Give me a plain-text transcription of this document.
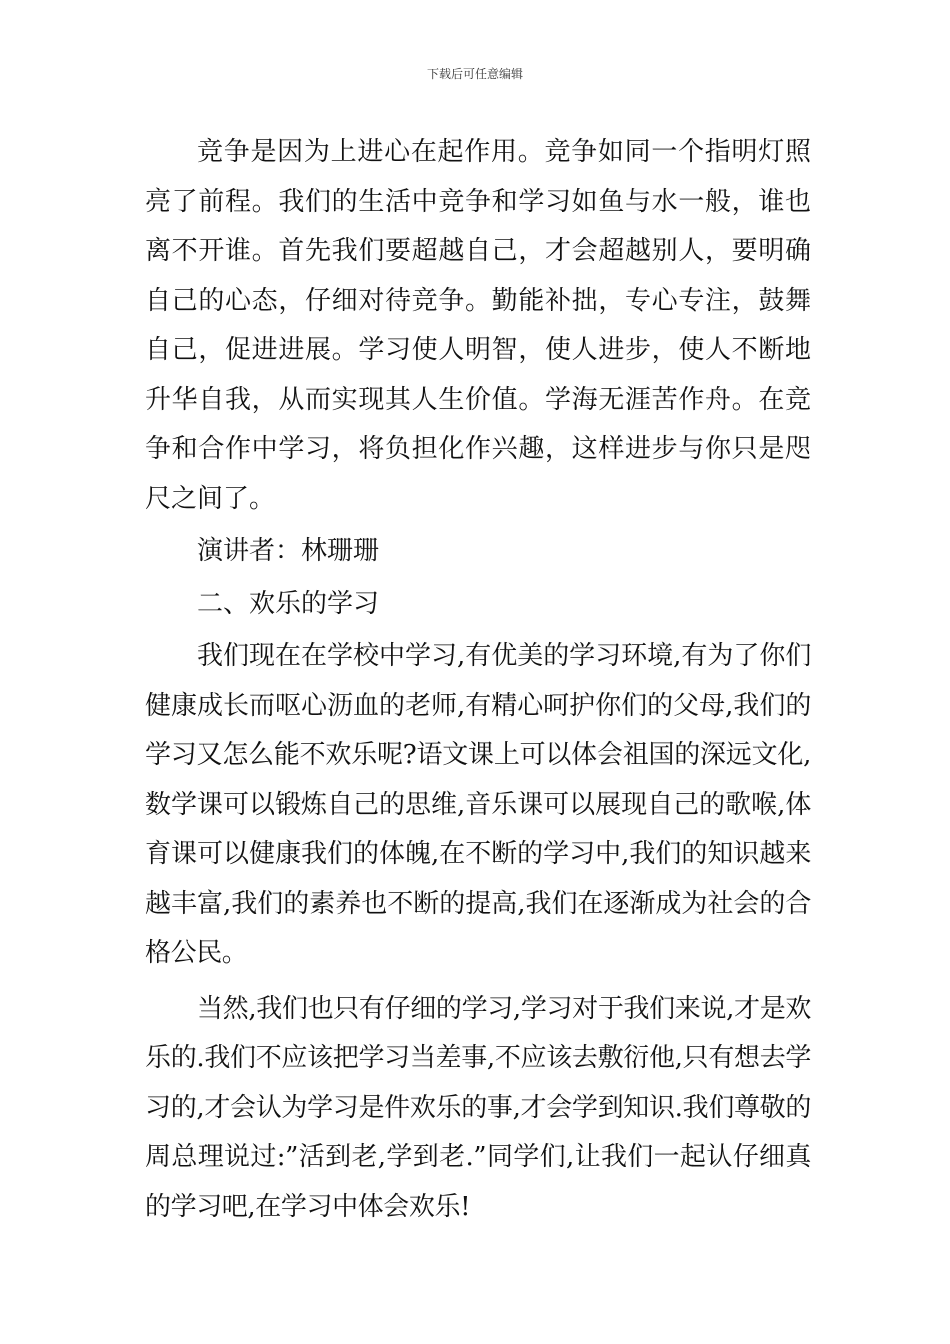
下载后可任意编辑

竞争是因为上进心在起作用。竞争如同一个指明灯照亮了前程。我们的生活中竞争和学习如鱼与水一般，谁也离不开谁。首先我们要超越自己，才会超越别人，要明确自己的心态，仔细对待竞争。勤能补拙，专心专注，鼓舞自己，促进进展。学习使人明智，使人进步，使人不断地升华自我，从而实现其人生价值。学海无涯苦作舟。在竞争和合作中学习，将负担化作兴趣，这样进步与你只是咫尺之间了。

演讲者：林珊珊

二、欢乐的学习

我们现在在学校中学习,有优美的学习环境,有为了你们健康成长而呕心沥血的老师,有精心呵护你们的父母,我们的学习又怎么能不欢乐呢?语文课上可以体会祖国的深远文化,数学课可以锻炼自己的思维,音乐课可以展现自己的歌喉,体育课可以健康我们的体魄,在不断的学习中,我们的知识越来越丰富,我们的素养也不断的提高,我们在逐渐成为社会的合格公民。

当然,我们也只有仔细的学习,学习对于我们来说,才是欢乐的.我们不应该把学习当差事,不应该去敷衍他,只有想去学习的,才会认为学习是件欢乐的事,才会学到知识.我们尊敬的周总理说过:”活到老,学到老.”同学们,让我们一起认仔细真的学习吧,在学习中体会欢乐!
